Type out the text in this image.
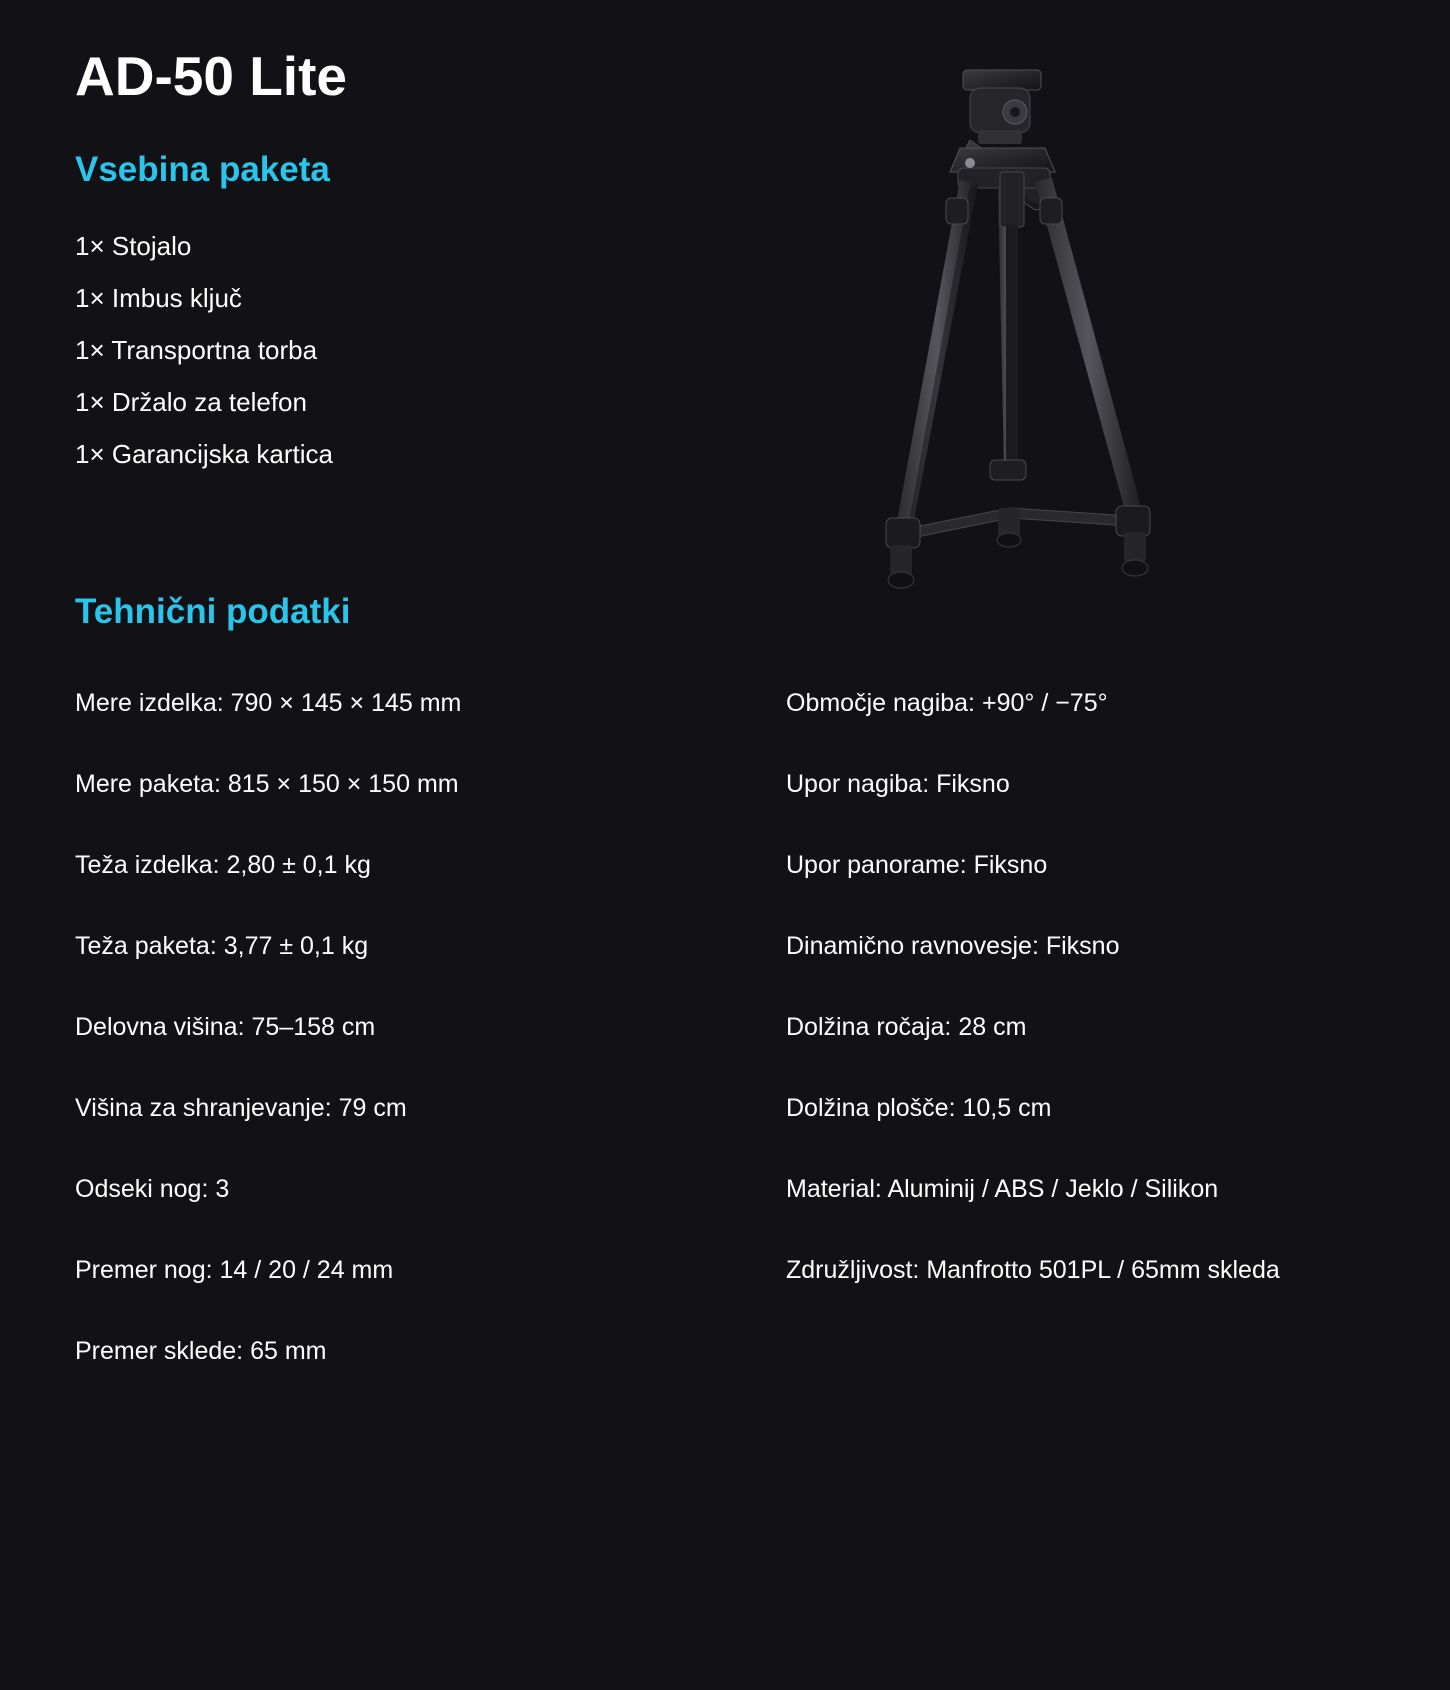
AD-50 Lite
Vsebina paketa
1× Stojalo
1× Imbus ključ
1× Transportna torba
1× Držalo za telefon
1× Garancijska kartica
Tehnični podatki
Mere izdelka: 790 × 145 × 145 mm
Mere paketa: 815 × 150 × 150 mm
Teža izdelka: 2,80 ± 0,1 kg
Teža paketa: 3,77 ± 0,1 kg
Delovna višina: 75–158 cm
Višina za shranjevanje: 79 cm
Odseki nog: 3
Premer nog: 14 / 20 / 24 mm
Premer sklede: 65 mm
Območje nagiba: +90° / −75°
Upor nagiba: Fiksno
Upor panorame: Fiksno
Dinamično ravnovesje: Fiksno
Dolžina ročaja: 28 cm
Dolžina plošče: 10,5 cm
Material: Aluminij / ABS / Jeklo / Silikon
Združljivost: Manfrotto 501PL / 65mm skleda
